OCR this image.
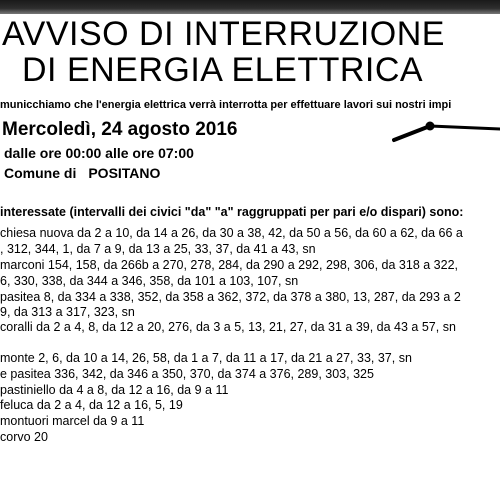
AVVISO DI INTERRUZIONE
DI ENERGIA ELETTRICA
municchiamo che l'energia elettrica verrà interrotta per effettuare lavori sui nostri impi
Mercoledì, 24 agosto 2016
dalle ore 00:00 alle ore 07:00
Comune di POSITANO
interessate (intervalli dei civici "da" "a" raggruppati per pari e/o dispari) sono:
chiesa nuova da 2 a 10, da 14 a 26, da 30 a 38, 42, da 50 a 56, da 60 a 62, da 66 a
, 312, 344, 1, da 7 a 9, da 13 a 25, 33, 37, da 41 a 43, sn
marconi 154, 158, da 266b a 270, 278, 284, da 290 a 292, 298, 306, da 318 a 322,
6, 330, 338, da 344 a 346, 358, da 101 a 103, 107, sn
pasitea 8, da 334 a 338, 352, da 358 a 362, 372, da 378 a 380, 13, 287, da 293 a 2
9, da 313 a 317, 323, sn
coralli da 2 a 4, 8, da 12 a 20, 276, da 3 a 5, 13, 21, 27, da 31 a 39, da 43 a 57, sn
monte 2, 6, da 10 a 14, 26, 58, da 1 a 7, da 11 a 17, da 21 a 27, 33, 37, sn
e pasitea 336, 342, da 346 a 350, 370, da 374 a 376, 289, 303, 325
pastiniello da 4 a 8, da 12 a 16, da 9 a 11
feluca da 2 a 4, da 12 a 16, 5, 19
montuori marcel da 9 a 11
corvo 20
